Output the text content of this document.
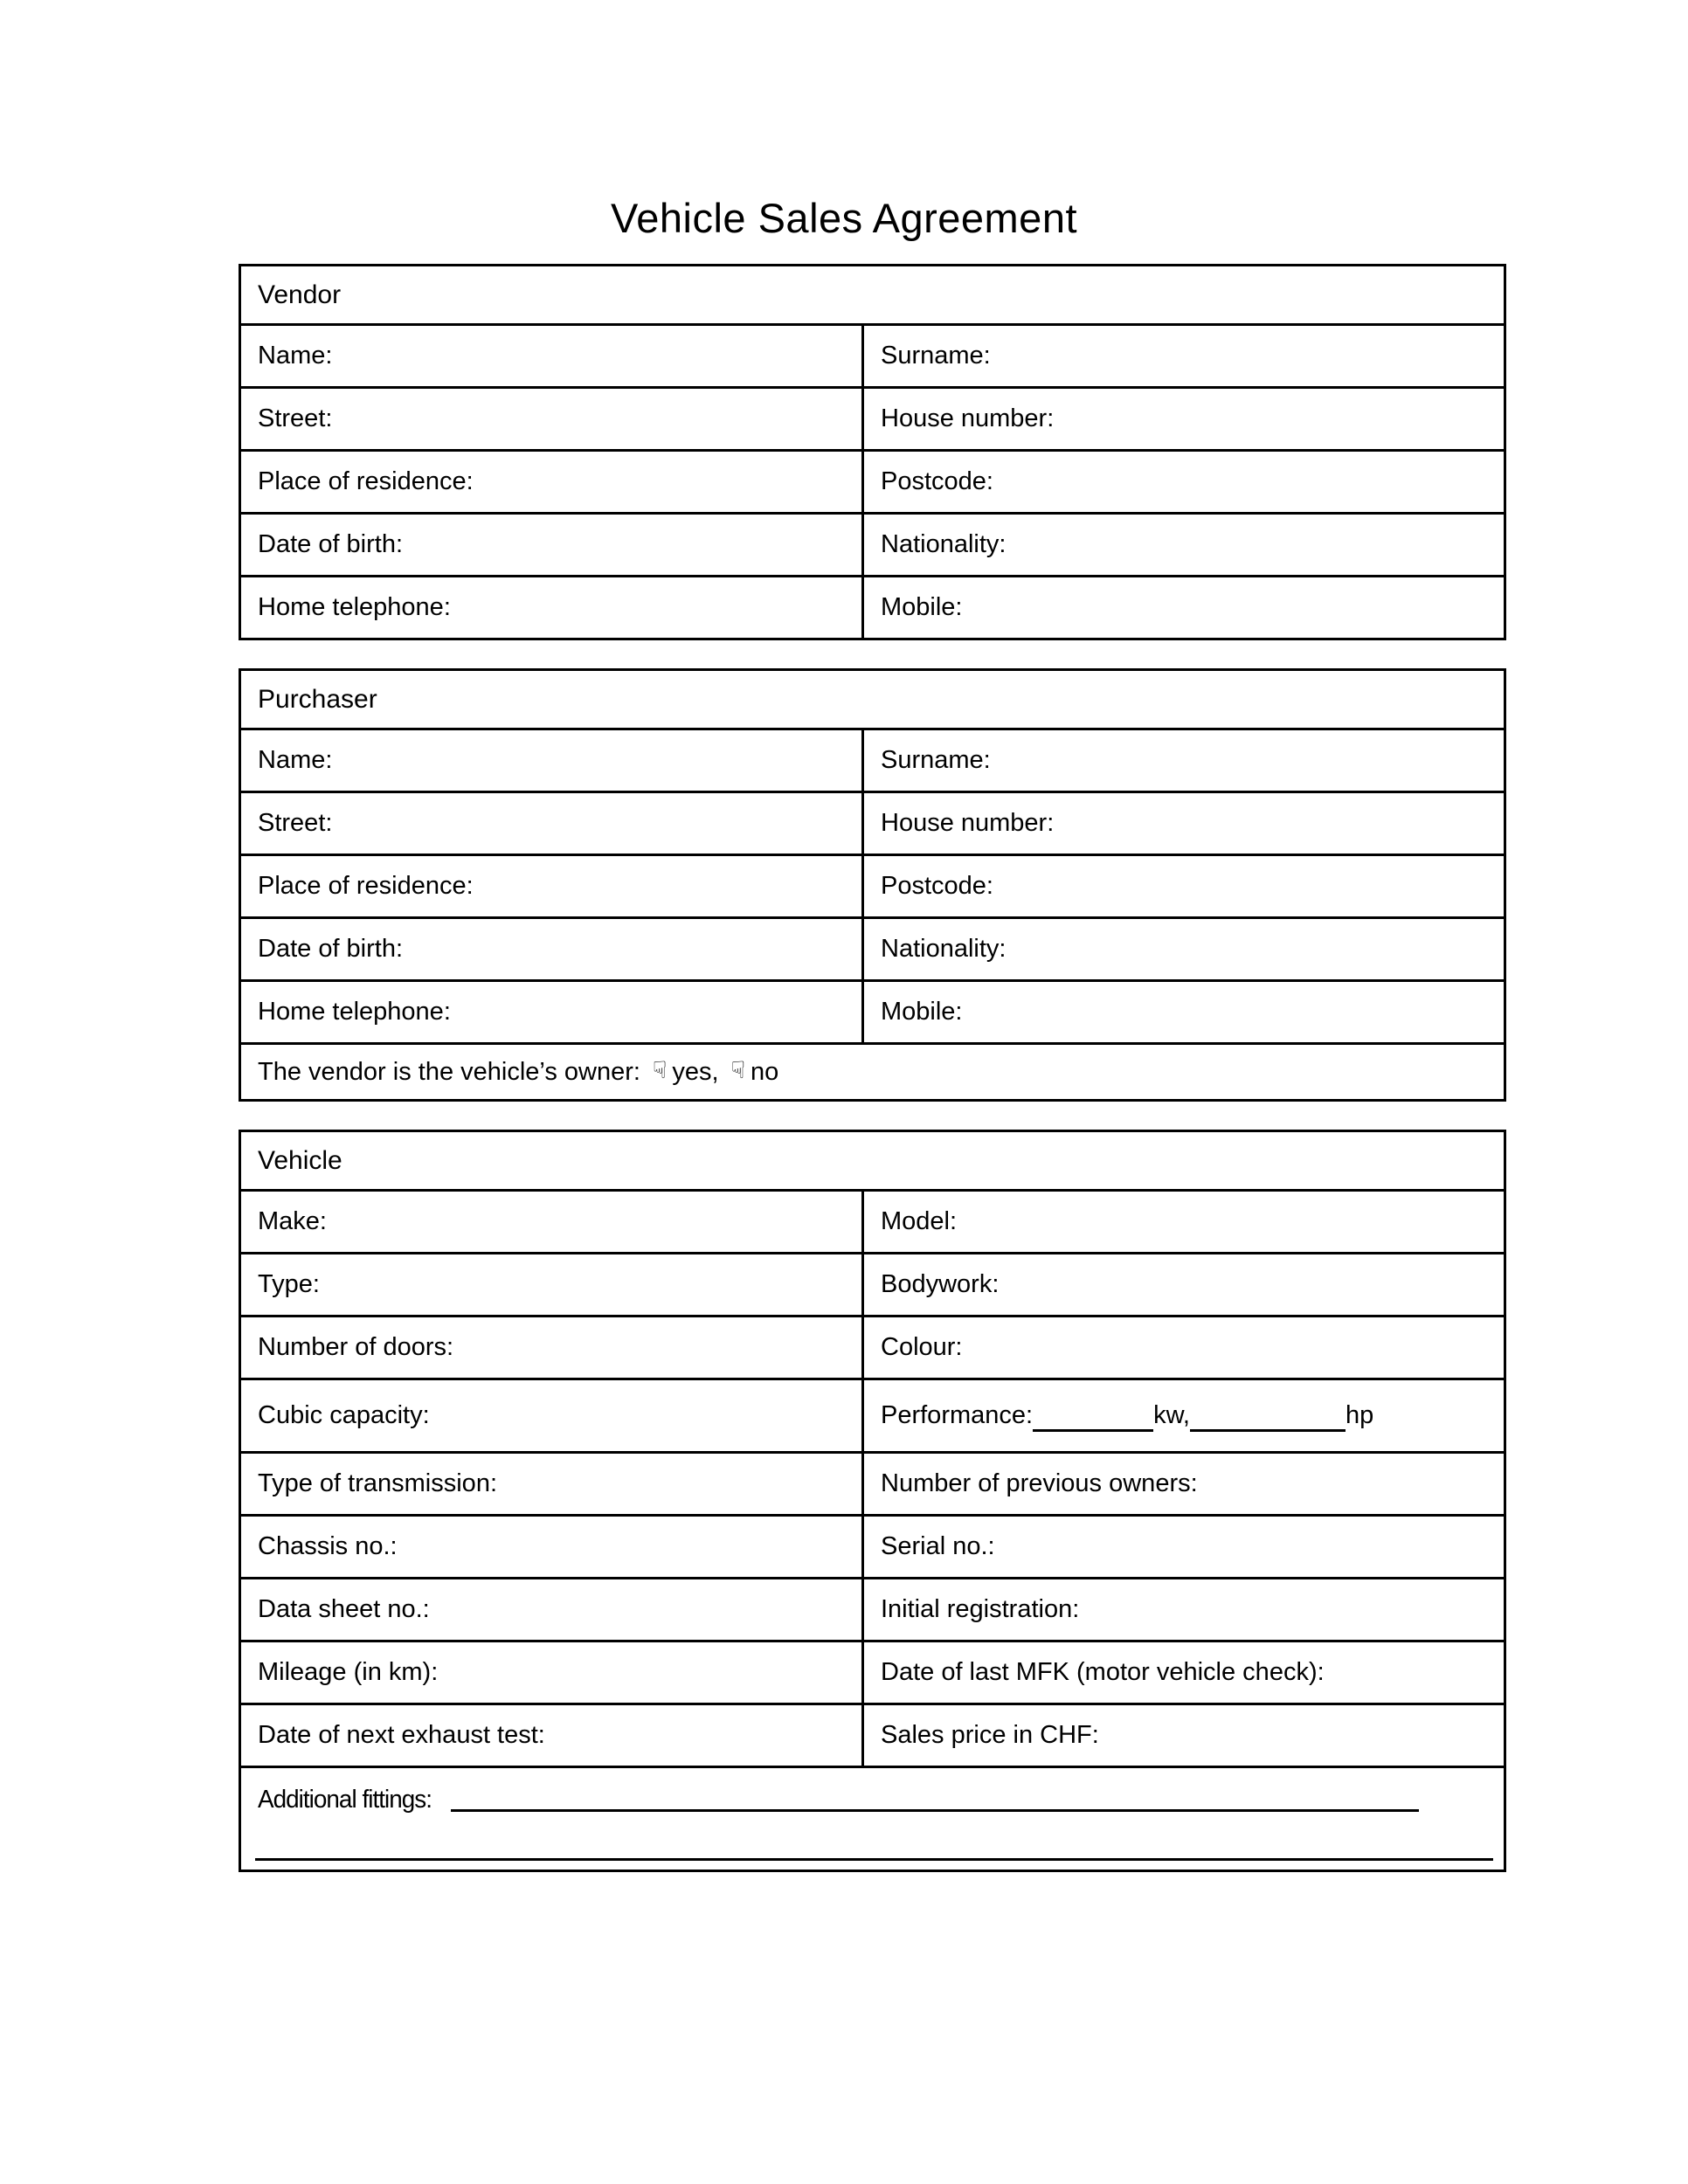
Vehicle Sales Agreement
Vendor
Name:	Surname:
Street:	House number:
Place of residence:	Postcode:
Date of birth:	Nationality:
Home telephone:	Mobile:
Purchaser
Name:	Surname:
Street:	House number:
Place of residence:	Postcode:
Date of birth:	Nationality:
Home telephone:	Mobile:
The vendor is the vehicle’s owner: ☟ yes, ☟ no
Vehicle
Make:	Model:
Type:	Bodywork:
Number of doors:	Colour:
Cubic capacity:	Performance:	kw,	hp
Type of transmission:	Number of previous owners:
Chassis no.:	Serial no.:
Data sheet no.:	Initial registration:
Mileage (in km):	Date of last MFK (motor vehicle check):
Date of next exhaust test:	Sales price in CHF:
Additional fittings:
